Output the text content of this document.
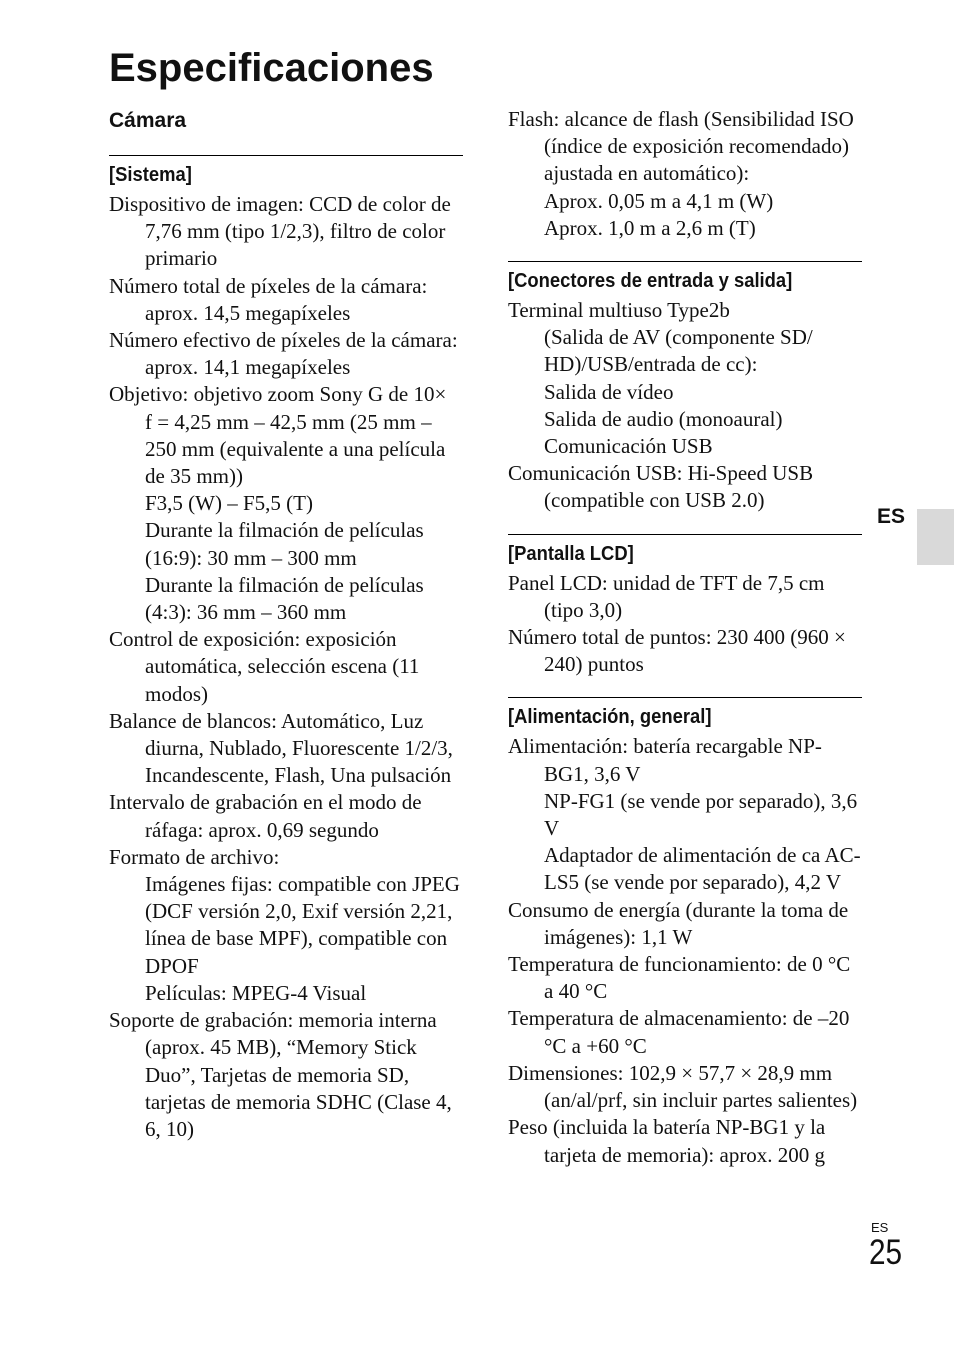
Especificaciones
Cámara
[Sistema]

Dispositivo de imagen: CCD de color de 7,76 mm (tipo 1/2,3), filtro de color primario

Número total de píxeles de la cámara: aprox. 14,5 megapíxeles

Número efectivo de píxeles de la cámara:

aprox. 14,1 megapíxeles

Objetivo: objetivo zoom Sony G de 10×

f = 4,25 mm – 42,5 mm (25 mm – 250 mm (equivalente a una película de 35 mm))

F3,5 (W) – F5,5 (T)

Durante la filmación de películas (16:9): 30 mm – 300 mm

Durante la filmación de películas (4:3): 36 mm – 360 mm

Control de exposición: exposición automática, selección escena (11 modos)

Balance de blancos: Automático, Luz diurna, Nublado, Fluorescente 1/2/3, Incandescente, Flash, Una pulsación

Intervalo de grabación en el modo de ráfaga: aprox. 0,69 segundo

Formato de archivo:

Imágenes fijas: compatible con JPEG (DCF versión 2,0, Exif versión 2,21, línea de base MPF), compatible con DPOF

Películas: MPEG-4 Visual

Soporte de grabación: memoria interna (aprox. 45 MB), “Memory Stick Duo”, Tarjetas de memoria SD, tarjetas de memoria SDHC (Clase 4, 6, 10)

Flash: alcance de flash (Sensibilidad ISO (índice de exposición recomendado) ajustada en automático):

Aprox. 0,05 m a 4,1 m (W)

Aprox. 1,0 m a 2,6 m (T)

[Conectores de entrada y salida]

Terminal multiuso Type2b

(Salida de AV (componente SD/ HD)/USB/entrada de cc):

Salida de vídeo

Salida de audio (monoaural)

Comunicación USB

Comunicación USB: Hi-Speed USB (compatible con USB 2.0)

[Pantalla LCD]

Panel LCD: unidad de TFT de 7,5 cm (tipo 3,0)

Número total de puntos: 230 400 (960 × 240) puntos

[Alimentación, general]

Alimentación: batería recargable NP-BG1, 3,6 V

NP-FG1 (se vende por separado), 3,6 V

Adaptador de alimentación de ca AC-LS5 (se vende por separado), 4,2 V

Consumo de energía (durante la toma de imágenes): 1,1 W

Temperatura de funcionamiento: de 0 °C a 40 °C

Temperatura de almacenamiento: de –20 °C a +60 °C

Dimensiones: 102,9 × 57,7 × 28,9 mm (an/al/prf, sin incluir partes salientes)

Peso (incluida la batería NP-BG1 y la tarjeta de memoria): aprox. 200 g

ES
ES
25
